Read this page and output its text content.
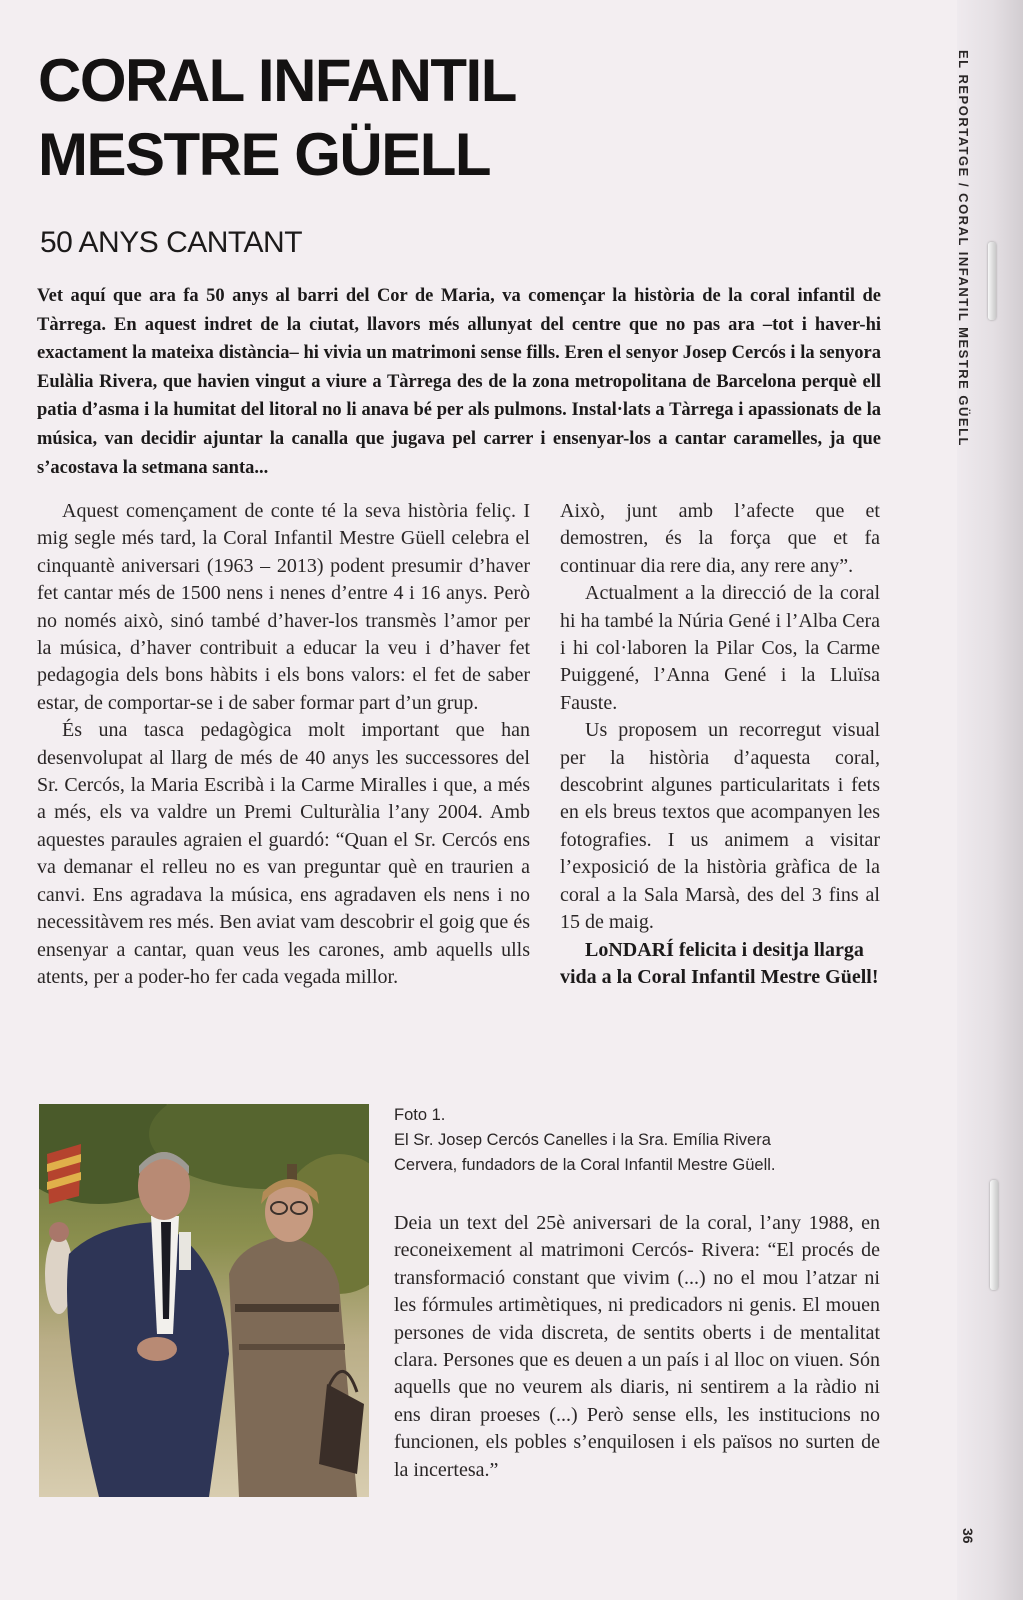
EL REPORTATGE / CORAL INFANTIL MESTRE GÜELL
CORAL INFANTIL
MESTRE GÜELL
50 ANYS CANTANT

Vet aquí que ara fa 50 anys al barri del Cor de Maria, va començar la història de la coral infantil de Tàrrega. En aquest indret de la ciutat, llavors més allunyat del centre que no pas ara –tot i haver-hi exactament la mateixa distància– hi vivia un matrimoni sense fills. Eren el senyor Josep Cercós i la senyora Eulàlia Rivera, que havien vingut a viure a Tàrrega des de la zona metropolitana de Barcelona perquè ell patia d’asma i la humitat del litoral no li anava bé per als pulmons. Instal·lats a Tàrrega i apassionats de la música, van decidir ajuntar la canalla que jugava pel carrer i ensenyar-los a cantar caramelles, ja que s’acostava la setmana santa...

Aquest començament de conte té la seva història feliç. I mig segle més tard, la Coral Infantil Mestre Güell celebra el cinquantè aniversari (1963 – 2013) podent presumir d’haver fet cantar més de 1500 nens i nenes d’entre 4 i 16 anys. Però no només això, sinó també d’haver-los transmès l’amor per la música, d’haver contribuit a educar la veu i d’haver fet pedagogia dels bons hàbits i els bons valors: el fet de saber estar, de comportar-se i de saber formar part d’un grup.

És una tasca pedagògica molt important que han desenvolupat al llarg de més de 40 anys les successores del Sr. Cercós, la Maria Escribà i la Carme Miralles i que, a més a més, els va valdre un Premi Culturàlia l’any 2004. Amb aquestes paraules agraien el guardó: “Quan el Sr. Cercós ens va demanar el relleu no es van preguntar què en traurien a canvi. Ens agradava la música, ens agradaven els nens i no necessitàvem res més. Ben aviat vam descobrir el goig que és ensenyar a cantar, quan veus les carones, amb aquells ulls atents, per a poder-ho fer cada vegada millor.

Això, junt amb l’afecte que et demostren, és la força que et fa continuar dia rere dia, any rere any”.

Actualment a la direcció de la coral hi ha també la Núria Gené i l’Alba Cera i hi col·laboren la Pilar Cos, la Carme Puiggené, l’Anna Gené i la Lluïsa Fauste.

Us proposem un recorregut visual per la història d’aquesta coral, descobrint algunes particularitats i fets en els breus textos que acompanyen les fotografies. I us animem a visitar l’exposició de la història gràfica de la coral a la Sala Marsà, des del 3 fins al 15 de maig.

LoNDARÍ felicita i desitja llarga vida a la Coral Infantil Mestre Güell!

Foto 1.
El Sr. Josep Cercós Canelles i la Sra. Emília Rivera
Cervera, fundadors de la Coral Infantil Mestre Güell.

Deia un text del 25è aniversari de la coral, l’any 1988, en reconeixement al matrimoni Cercós- Rivera: “El procés de transformació constant que vivim (...) no el mou l’atzar ni les fórmules artimètiques, ni predicadors ni genis. El mouen persones de vida discreta, de sentits oberts i de mentalitat clara. Persones que es deuen a un país i al lloc on viuen. Són aquells que no veurem als diaris, ni sentirem a la ràdio ni ens diran proeses (...) Però sense ells, les institucions no funcionen, els pobles s’enquilosen i els països no surten de la incertesa.”

36
